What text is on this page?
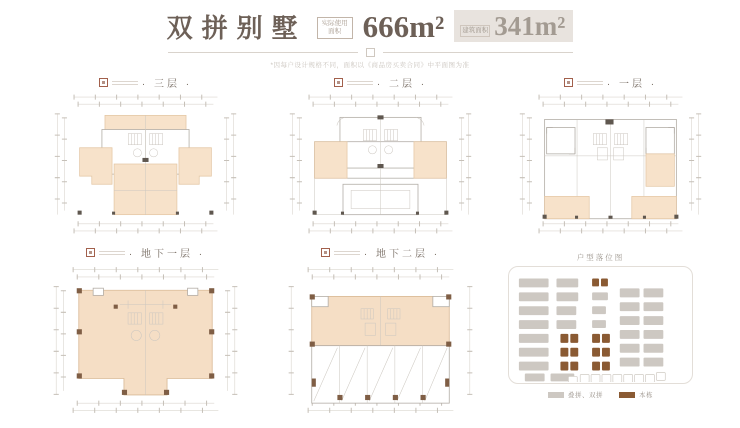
双拼别墅	实际使用面积 666m²	建筑面积 341m²
*因每户设计规格不同，面积以《商品房买卖合同》中平面图为准
· 三层 ·	· 二层 ·	· 一层 ·
· 地下一层 ·	· 地下二层 ·	户型落位图
叠拼、双拼	本栋
